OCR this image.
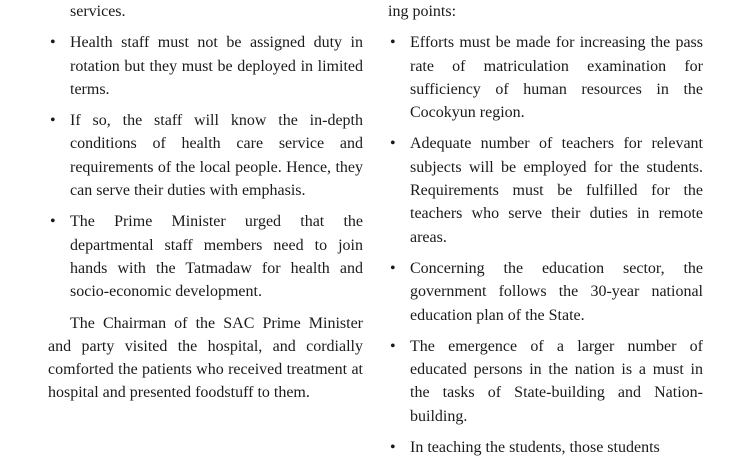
services.

• Health staff must not be assigned duty in rotation but they must be deployed in limited terms.
• If so, the staff will know the in-depth conditions of health care service and requirements of the local people. Hence, they can serve their duties with emphasis.
• The Prime Minister urged that the departmental staff members need to join hands with the Tatmadaw for health and socio-economic development.

The Chairman of the SAC Prime Minister and party visited the hospital, and cordially comforted the patients who received treatment at hospital and presented foodstuff to them.

ing points:

• Efforts must be made for increasing the pass rate of matriculation examination for sufficiency of human resources in the Cocokyun region.
• Adequate number of teachers for relevant subjects will be employed for the students. Requirements must be fulfilled for the teachers who serve their duties in remote areas.
• Concerning the education sector, the government follows the 30-year national education plan of the State.
• The emergence of a larger number of educated persons in the nation is a must in the tasks of State-building and Nation-building.
• In teaching the students, those students
